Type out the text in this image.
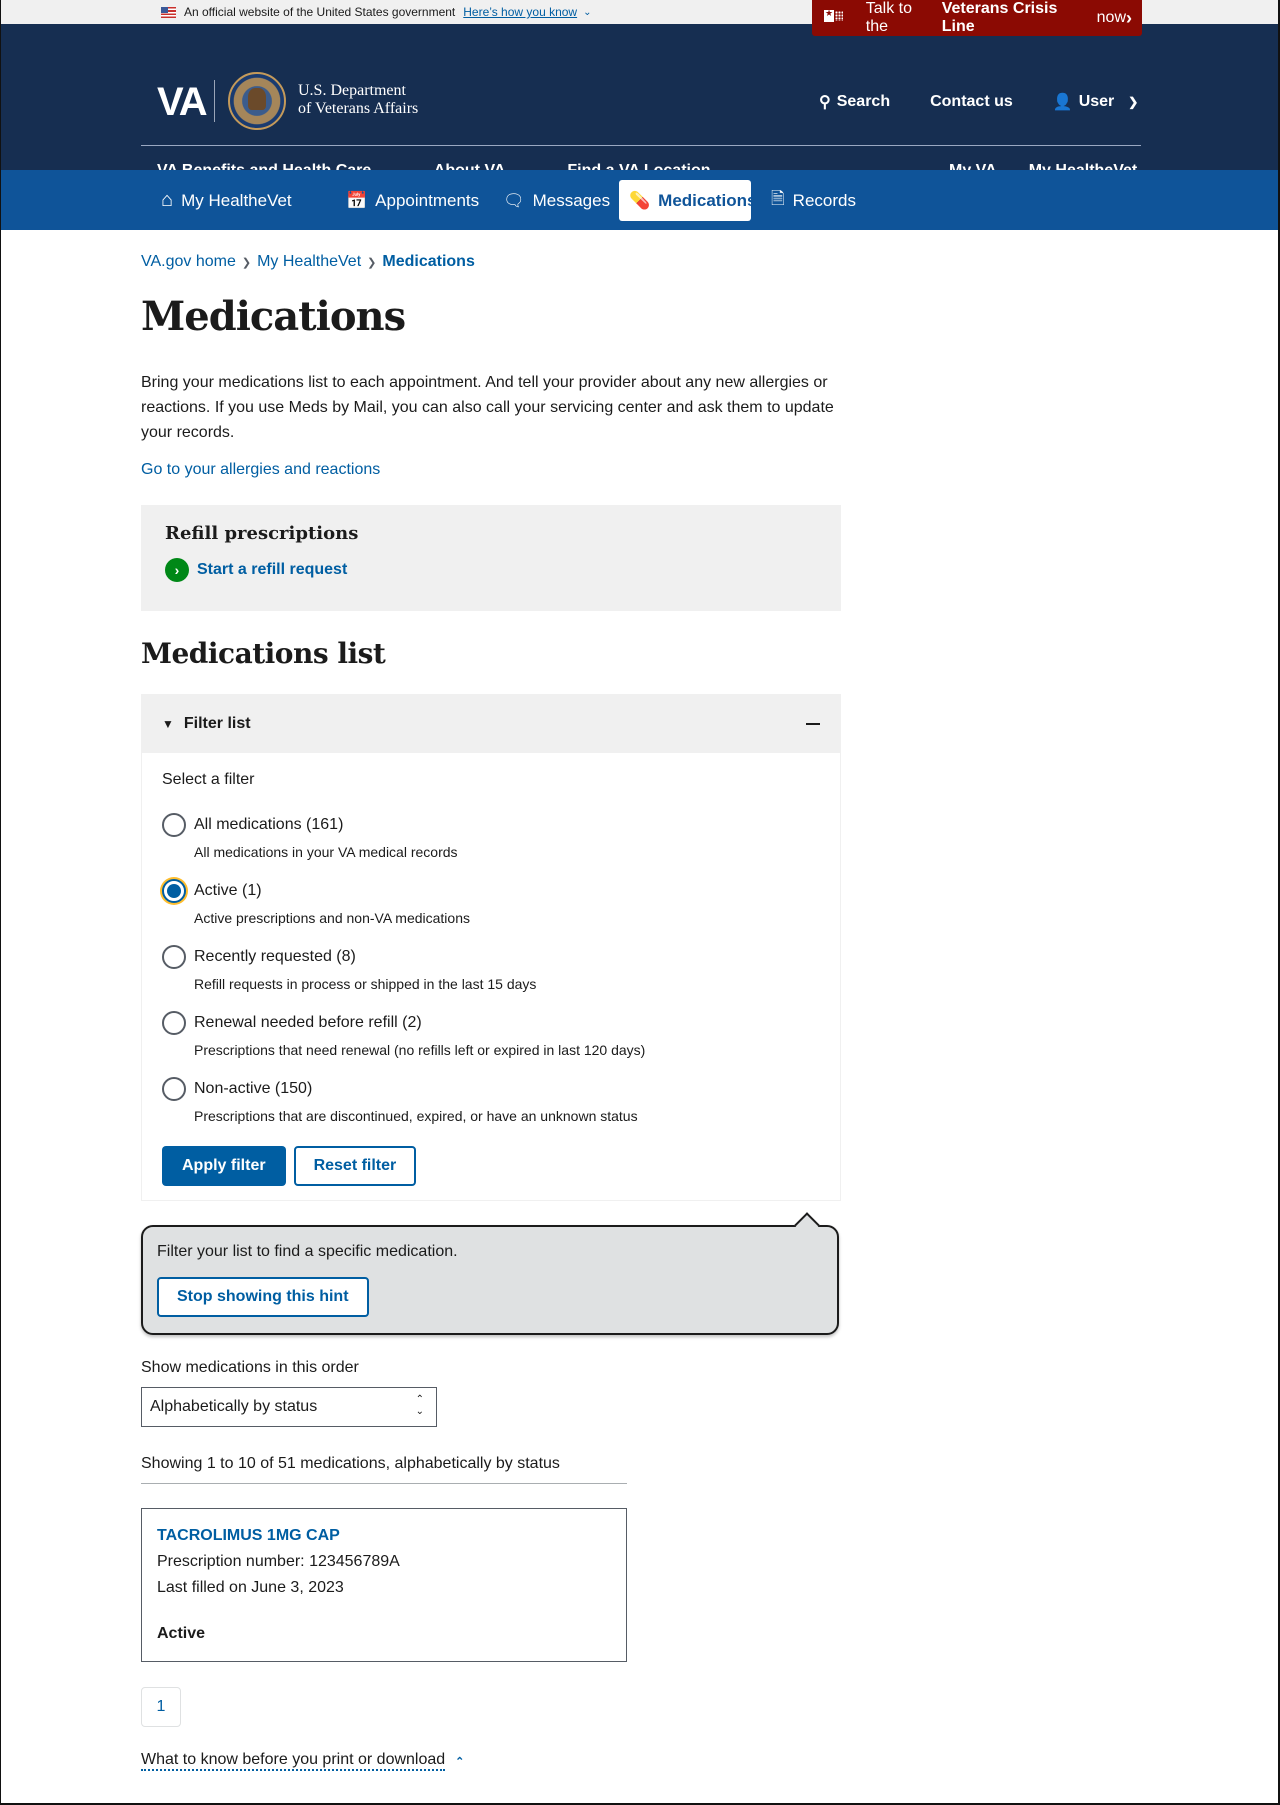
An official website of the United States government Here’s how you know ⌄ ★	Talk to the
Veterans Crisis Line
now ›
VA	U.S. Department
of Veterans Affairs	⚲ Search	Contact us	👤 User ❯
⌂ My HealtheVet	📅 Appointments 🗨 Messages 💊 Medications 🗎 Records
VA.gov home ❯ My HealtheVet ❯ Medications
Medications

Bring your medications list to each appointment. And tell your provider about any new allergies or reactions. If you use Meds by Mail, you can also call your servicing center and ask them to update your records.

Go to your allergies and reactions
Refill prescriptions
›	Start a refill request
Medications list
▼ Filter list
Select a filter
All medications (161)
All medications in your VA medical records
Active (1)
Active prescriptions and non-VA medications
Recently requested (8)
Refill requests in process or shipped in the last 15 days
Renewal needed before refill (2)
Prescriptions that need renewal (no refills left or expired in last 120 days)
Non-active (150)
Prescriptions that are discontinued, expired, or have an unknown status
Apply filter	Reset filter

Filter your list to find a specific medication.

Stop showing this hint
Show medications in this order
Alphabetically by status	⌃
⌄
Showing 1 to 10 of 51 medications, alphabetically by status
TACROLIMUS 1MG CAP
Prescription number: 123456789A
Last filled on June 3, 2023
Active
1
What to know before you print or download ⌃
